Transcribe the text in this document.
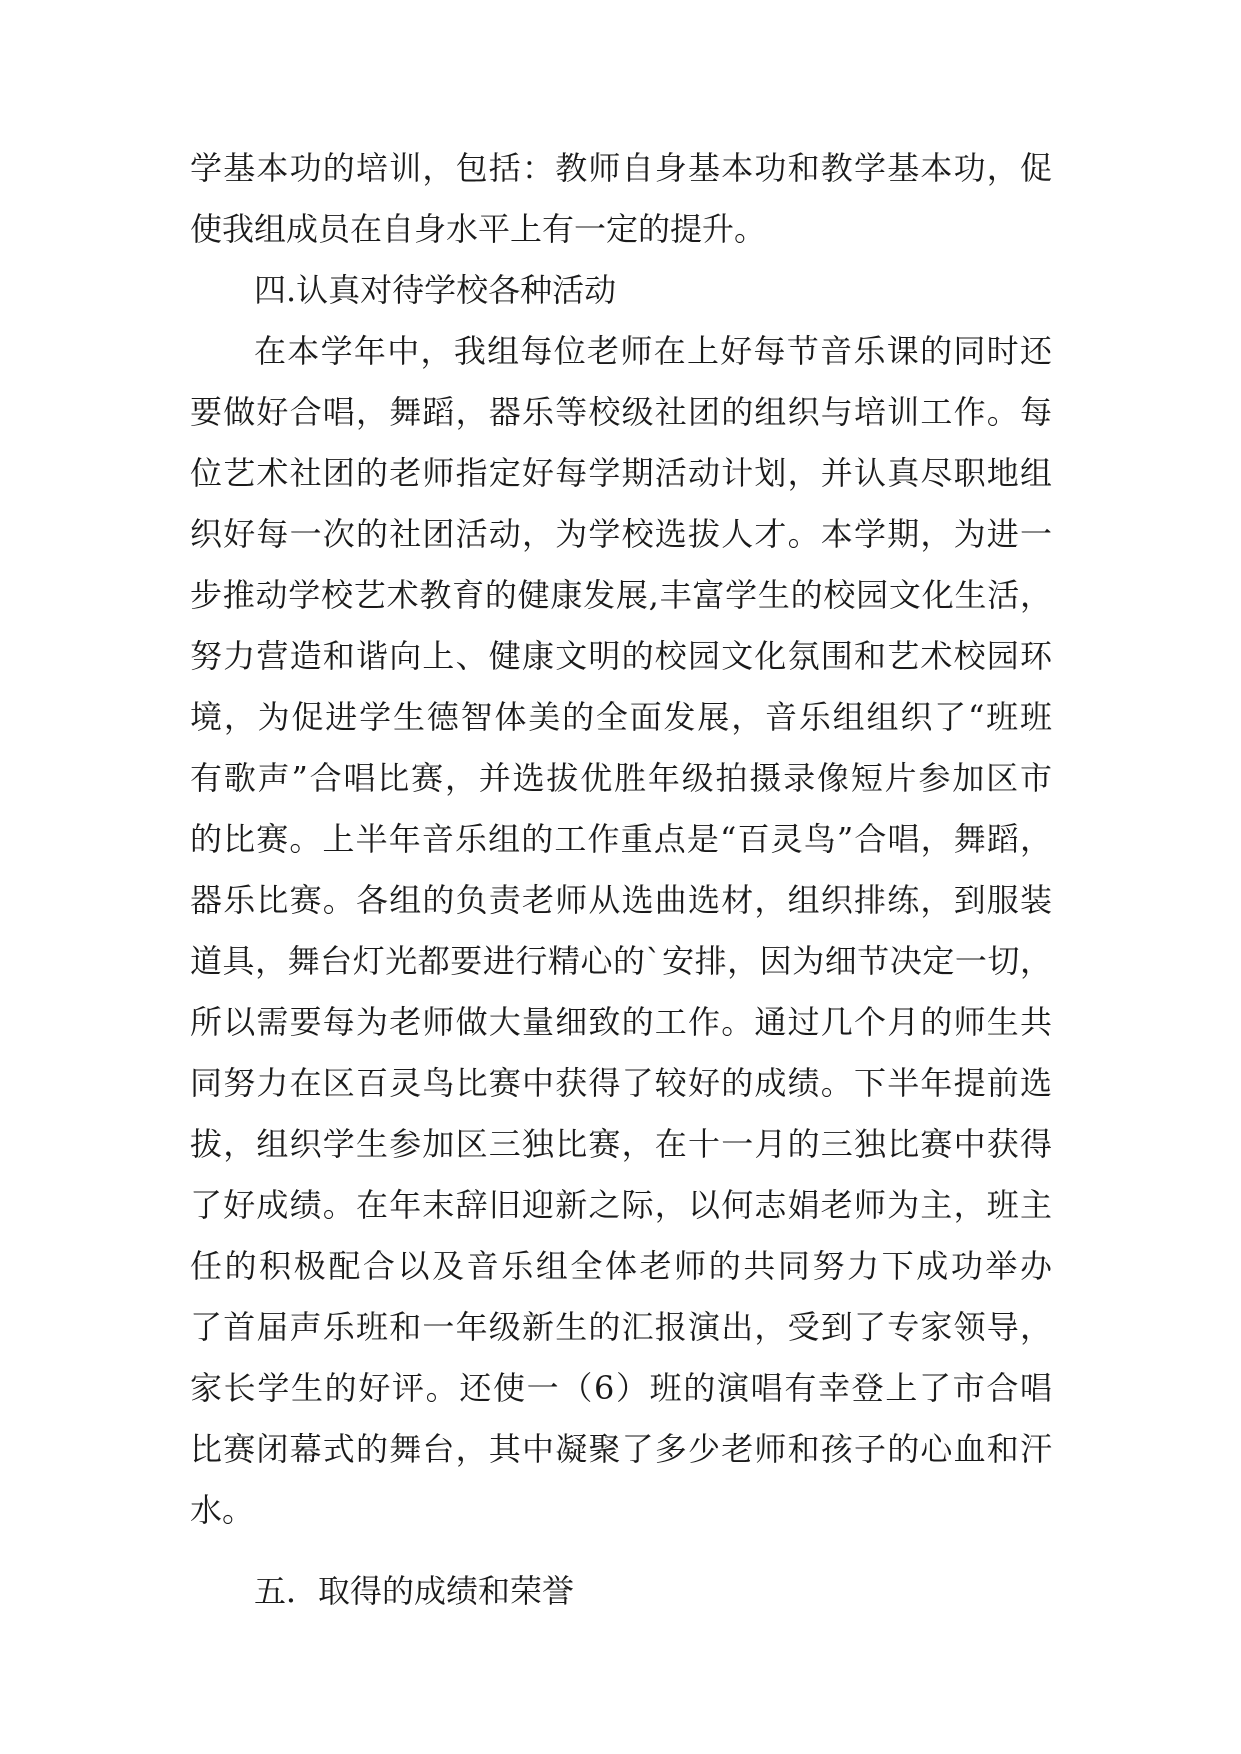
学基本功的培训，包括：教师自身基本功和教学基本功，促
使我组成员在自身水平上有一定的提升。
四.认真对待学校各种活动
在本学年中，我组每位老师在上好每节音乐课的同时还
要做好合唱，舞蹈，器乐等校级社团的组织与培训工作。每
位艺术社团的老师指定好每学期活动计划，并认真尽职地组
织好每一次的社团活动，为学校选拔人才。本学期，为进一
步推动学校艺术教育的健康发展,丰富学生的校园文化生活，
努力营造和谐向上、健康文明的校园文化氛围和艺术校园环
境，为促进学生德智体美的全面发展，音乐组组织了“班班
有歌声”合唱比赛，并选拔优胜年级拍摄录像短片参加区市
的比赛。上半年音乐组的工作重点是“百灵鸟”合唱，舞蹈，
器乐比赛。各组的负责老师从选曲选材，组织排练，到服装
道具，舞台灯光都要进行精心的`安排，因为细节决定一切，
所以需要每为老师做大量细致的工作。通过几个月的师生共
同努力在区百灵鸟比赛中获得了较好的成绩。下半年提前选
拔，组织学生参加区三独比赛，在十一月的三独比赛中获得
了好成绩。在年末辞旧迎新之际，以何志娟老师为主，班主
任的积极配合以及音乐组全体老师的共同努力下成功举办
了首届声乐班和一年级新生的汇报演出，受到了专家领导，
家长学生的好评。还使一（6）班的演唱有幸登上了市合唱
比赛闭幕式的舞台，其中凝聚了多少老师和孩子的心血和汗
水。
五．取得的成绩和荣誉
